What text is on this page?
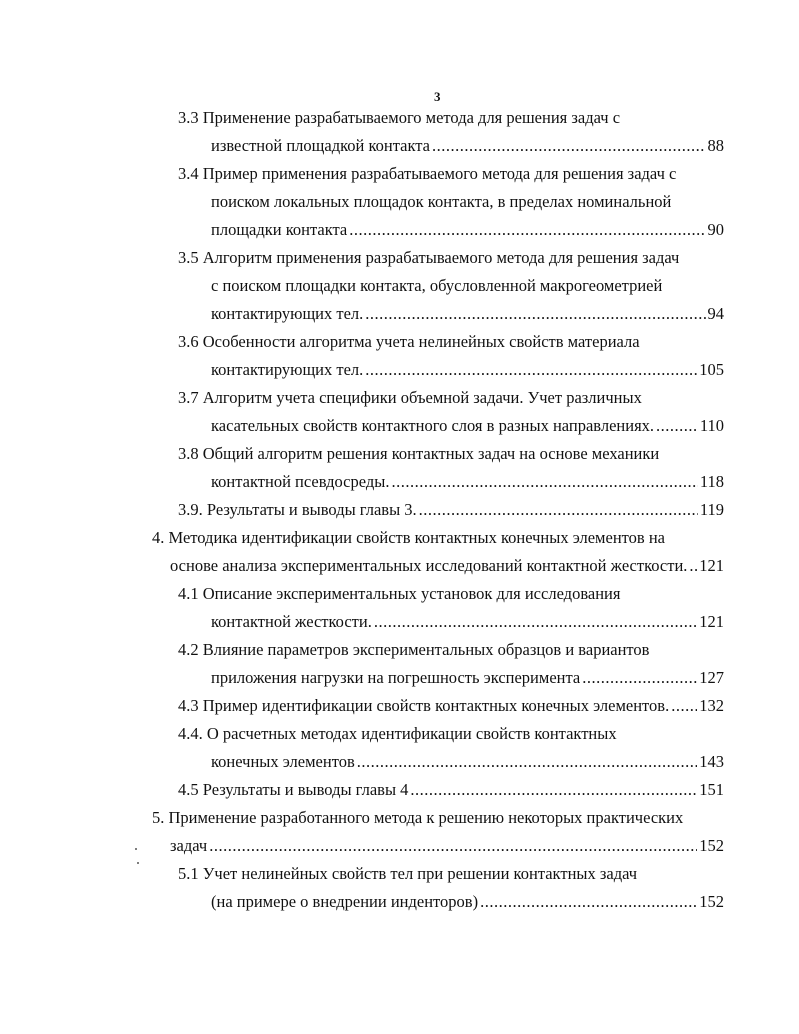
3
3.3 Применение разрабатываемого метода для решения задач с
известной площадкой контакта .....	88
3.4 Пример применения разрабатываемого метода для решения задач с
поиском локальных площадок контакта, в пределах номинальной
площадки контакта .....	90
3.5 Алгоритм применения разрабатываемого метода для решения задач
с поиском площадки контакта, обусловленной макрогеометрией
контактирующих тел. .....	94
3.6 Особенности алгоритма учета нелинейных свойств материала
контактирующих тел. .....	105
3.7 Алгоритм учета специфики объемной задачи. Учет различных
касательных свойств контактного слоя в разных направлениях. .....	110
3.8 Общий алгоритм решения контактных задач на основе механики
контактной псевдосреды. .....	118
3.9. Результаты и выводы главы 3. .....	119
4. Методика идентификации свойств контактных конечных элементов на
основе анализа экспериментальных исследований контактной жесткости. ..... 121
4.1 Описание экспериментальных установок для исследования
контактной жесткости. .....	121
4.2 Влияние параметров экспериментальных образцов и вариантов
приложения нагрузки на погрешность эксперимента .....	127
4.3 Пример идентификации свойств контактных конечных элементов. ..... 132
4.4. О расчетных методах идентификации свойств контактных
конечных элементов .....	143
4.5 Результаты и выводы главы 4 .....	151
5. Применение разработанного метода к решению некоторых практических
задач .....	152
5.1 Учет нелинейных свойств тел при решении контактных задач
(на примере о внедрении инденторов) .....	152
